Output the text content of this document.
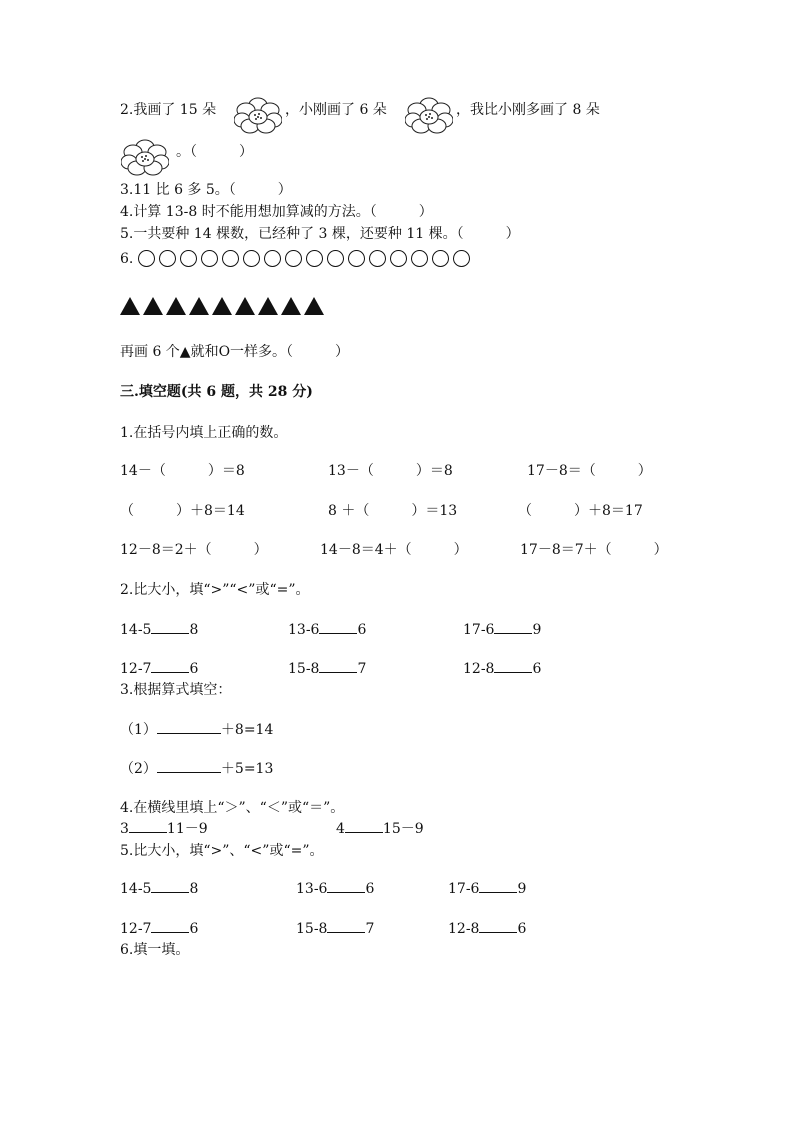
2.我画了 15 朵	，小刚画了 6 朵	，我比小刚多画了 8 朵
。（　　　）
3.11 比 6 多 5。（　　　）
4.计算 13-8 时不能用想加算减的方法。（　　　）
5.一共要种 14 棵数，已经种了 3 棵，还要种 11 棵。（　　　）
6.
再画 6 个▲就和O一样多。（　　　）
三.填空题(共 6 题，共 28 分)
1.在括号内填上正确的数。
14－（　　　）＝8	13－（　　　）＝8	17－8＝（　　　）
（　　　）＋8＝14	8 ＋（　　　）＝13	（　　　）＋8＝17
12－8＝2＋（　　　）	14－8＝4＋（　　　）	17－8＝7＋（　　　）
2.比大小，填“>”“<”或“=”。
14-5	8	13-6	6	17-6	9
12-7	6	15-8	7	12-8	6
3.根据算式填空：
（1）	＋8=14
（2）	＋5=13
4.在横线里填上“＞”、“＜”或“＝”。
3	11－9	4	15－9
5.比大小，填“>”、“<”或“=”。
14-5	8	13-6	6	17-6	9
12-7	6	15-8	7	12-8	6
6.填一填。
